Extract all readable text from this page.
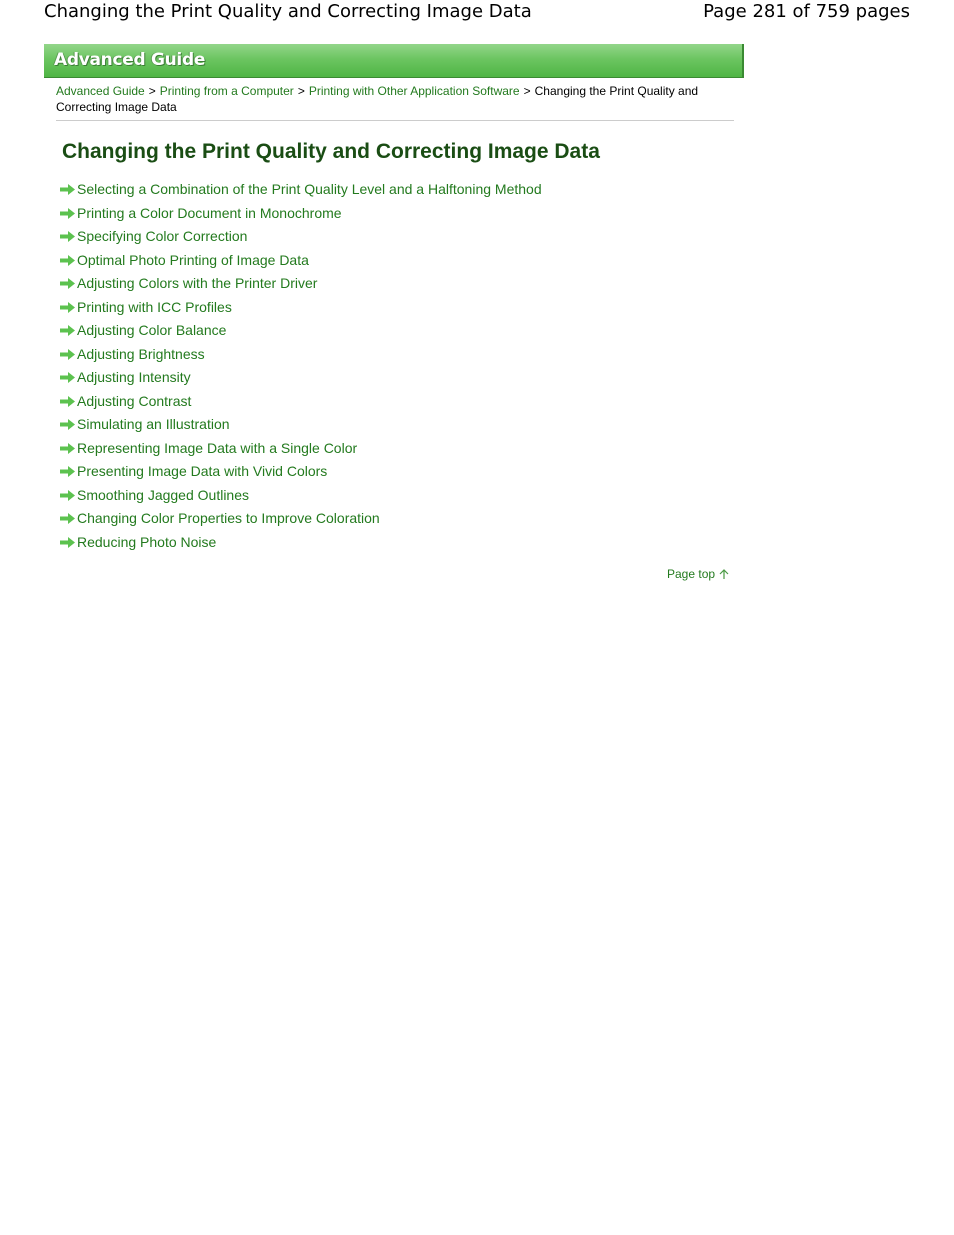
Changing the Print Quality and Correcting Image Data	Page 281 of 759 pages
Advanced Guide
Advanced Guide > Printing from a Computer > Printing with Other Application Software > Changing the Print Quality and Correcting Image Data
Changing the Print Quality and Correcting Image Data
Selecting a Combination of the Print Quality Level and a Halftoning Method
Printing a Color Document in Monochrome
Specifying Color Correction
Optimal Photo Printing of Image Data
Adjusting Colors with the Printer Driver
Printing with ICC Profiles
Adjusting Color Balance
Adjusting Brightness
Adjusting Intensity
Adjusting Contrast
Simulating an Illustration
Representing Image Data with a Single Color
Presenting Image Data with Vivid Colors
Smoothing Jagged Outlines
Changing Color Properties to Improve Coloration
Reducing Photo Noise
Page top
